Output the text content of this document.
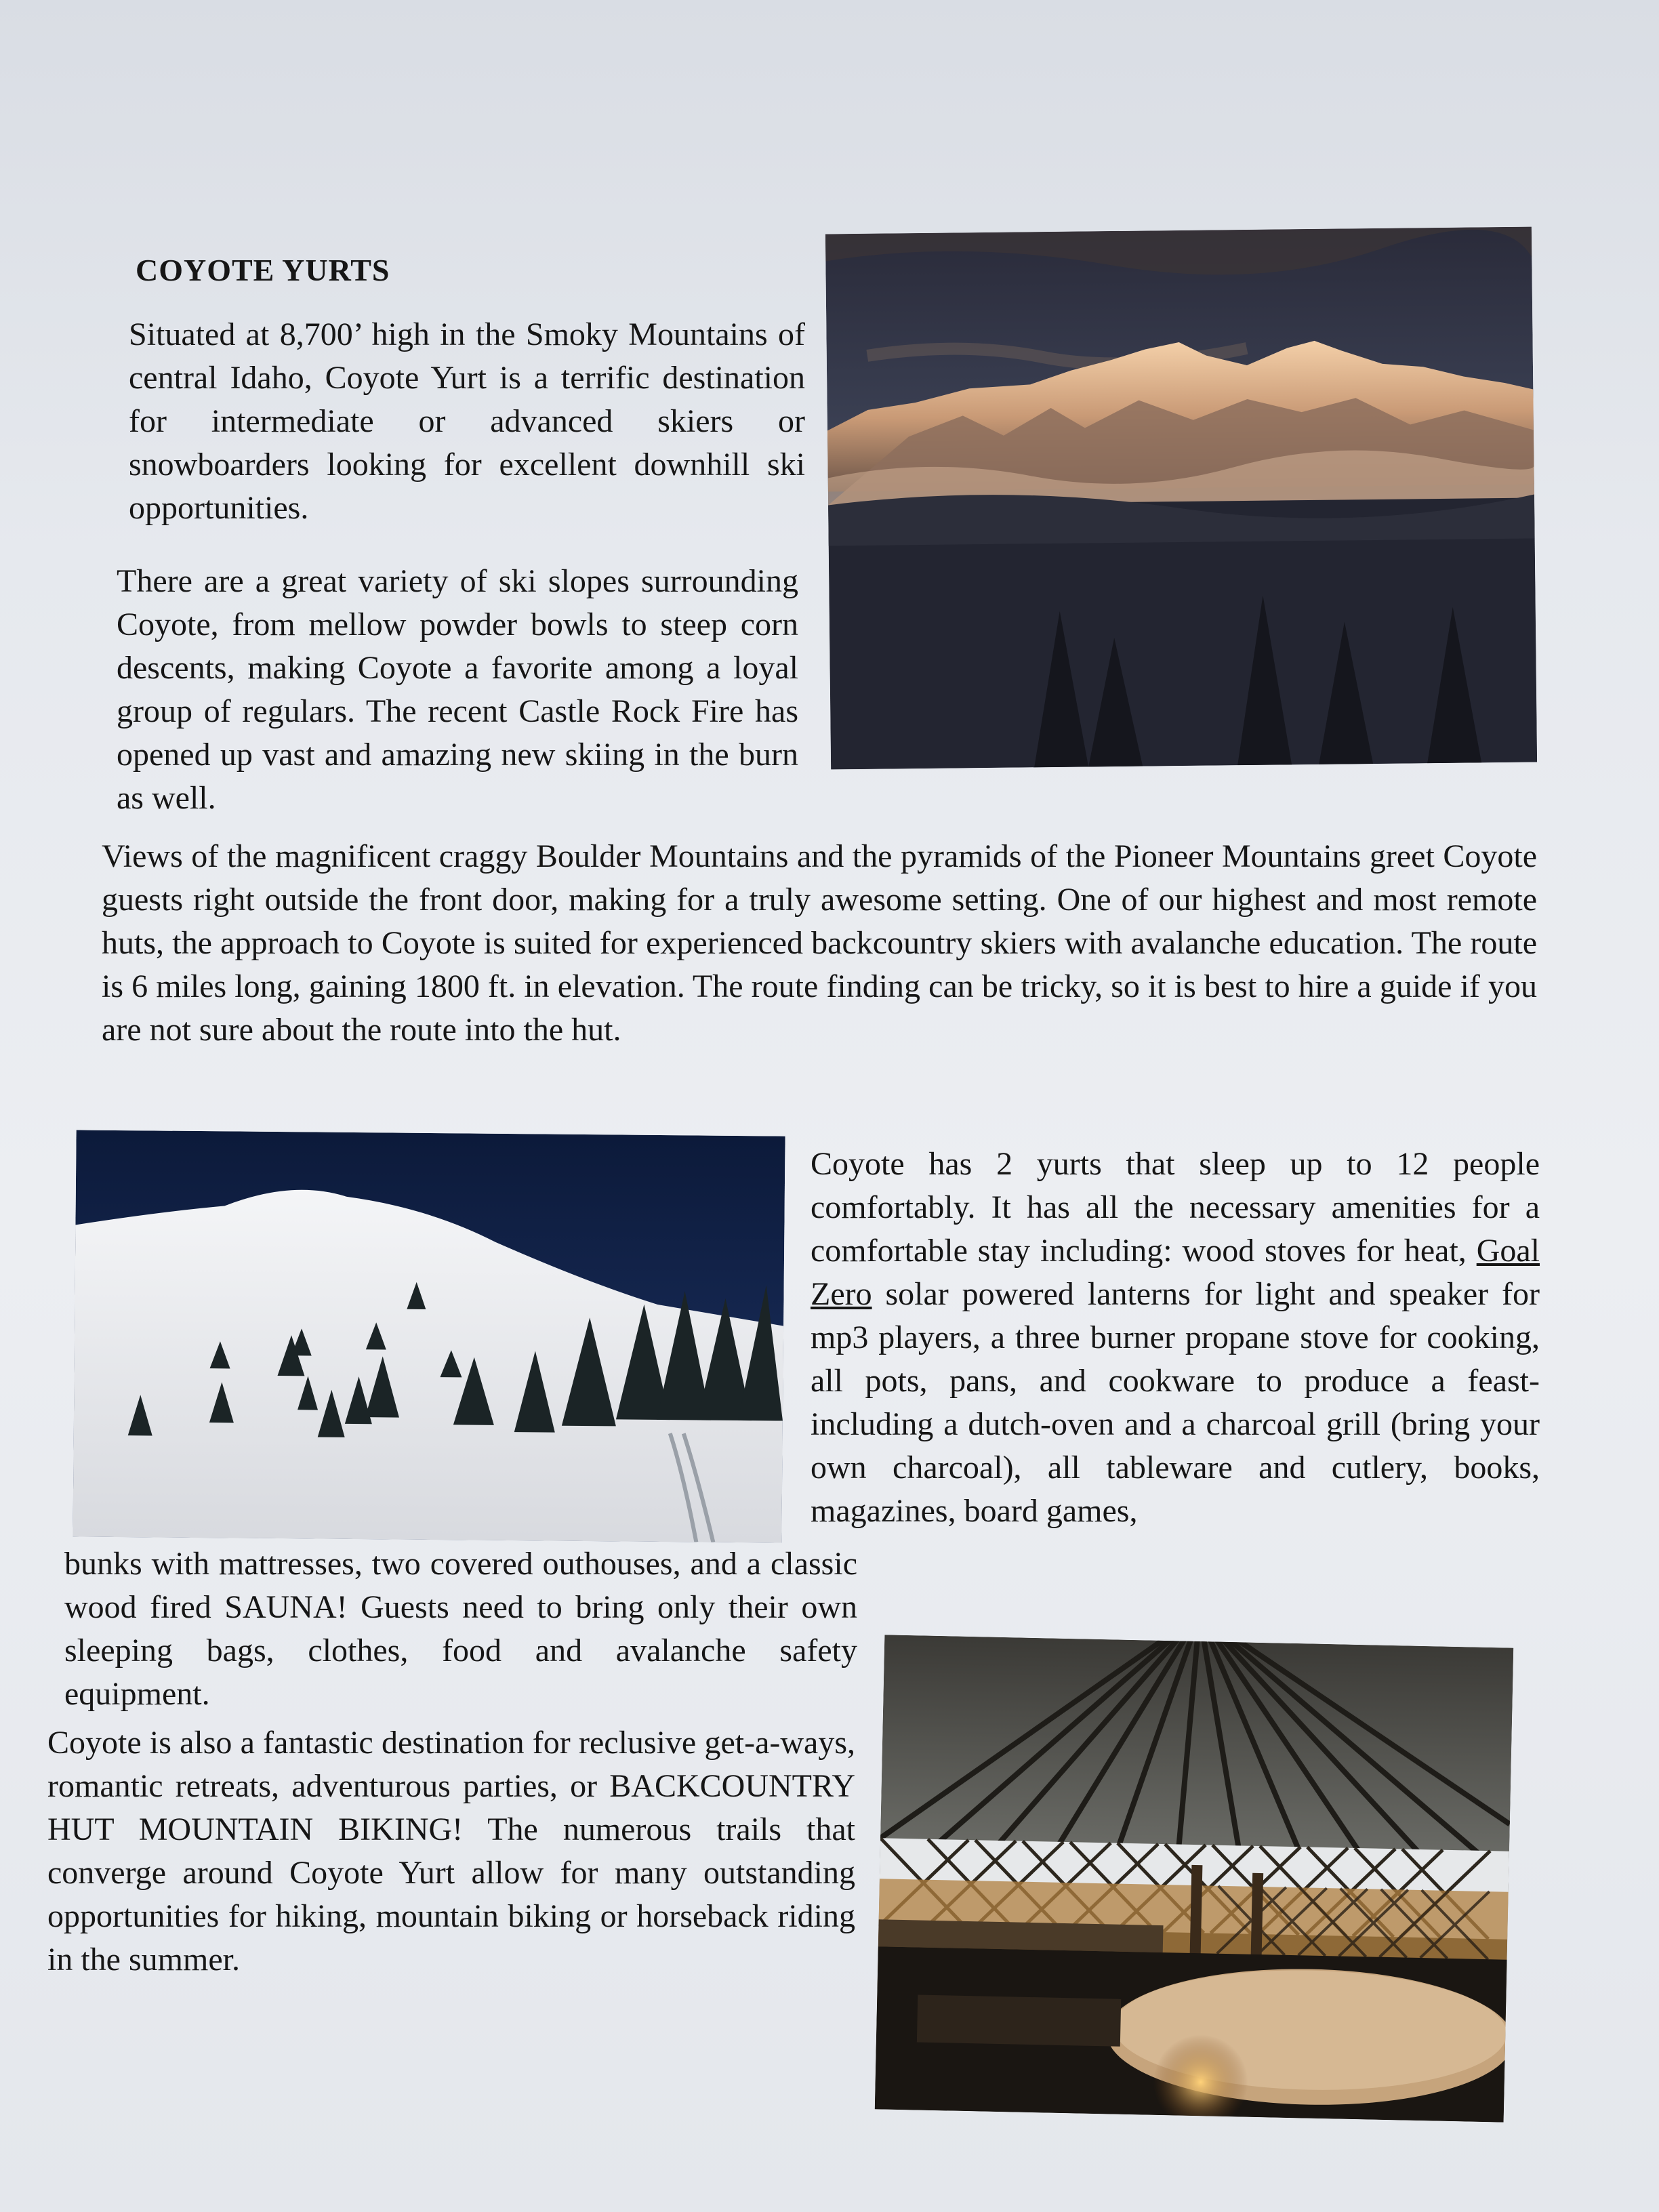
COYOTE YURTS

Situated at 8,700’ high in the Smoky Mountains of central Idaho, Coyote Yurt is a terrific destination for intermediate or advanced skiers or snowboarders looking for excellent downhill ski opportunities.

There are a great variety of ski slopes surrounding Coyote, from mellow powder bowls to steep corn descents, making Coyote a favorite among a loyal group of regulars. The recent Castle Rock Fire has opened up vast and amazing new skiing in the burn as well.

Views of the magnificent craggy Boulder Mountains and the pyramids of the Pioneer Mountains greet Coyote guests right outside the front door, making for a truly awesome setting. One of our highest and most remote huts, the approach to Coyote is suited for experienced backcountry skiers with avalanche education. The route is 6 miles long, gaining 1800 ft. in elevation. The route finding can be tricky, so it is best to hire a guide if you are not sure about the route into the hut.

Coyote has 2 yurts that sleep up to 12 people comfortably. It has all the necessary amenities for a comfortable stay including: wood stoves for heat, Goal Zero solar powered lanterns for light and speaker for mp3 players, a three burner propane stove for cooking, all pots, pans, and cookware to produce a feast- including a dutch-oven and a charcoal grill (bring your own charcoal), all tableware and cutlery, books, magazines, board games,

bunks with mattresses, two covered outhouses, and a classic wood fired SAUNA! Guests need to bring only their own sleeping bags, clothes, food and avalanche safety equipment.

Coyote is also a fantastic destination for reclusive get-a-ways, romantic retreats, adventurous parties, or BACKCOUNTRY HUT MOUNTAIN BIKING! The numerous trails that converge around Coyote Yurt allow for many outstanding opportunities for hiking, mountain biking or horseback riding in the summer.
